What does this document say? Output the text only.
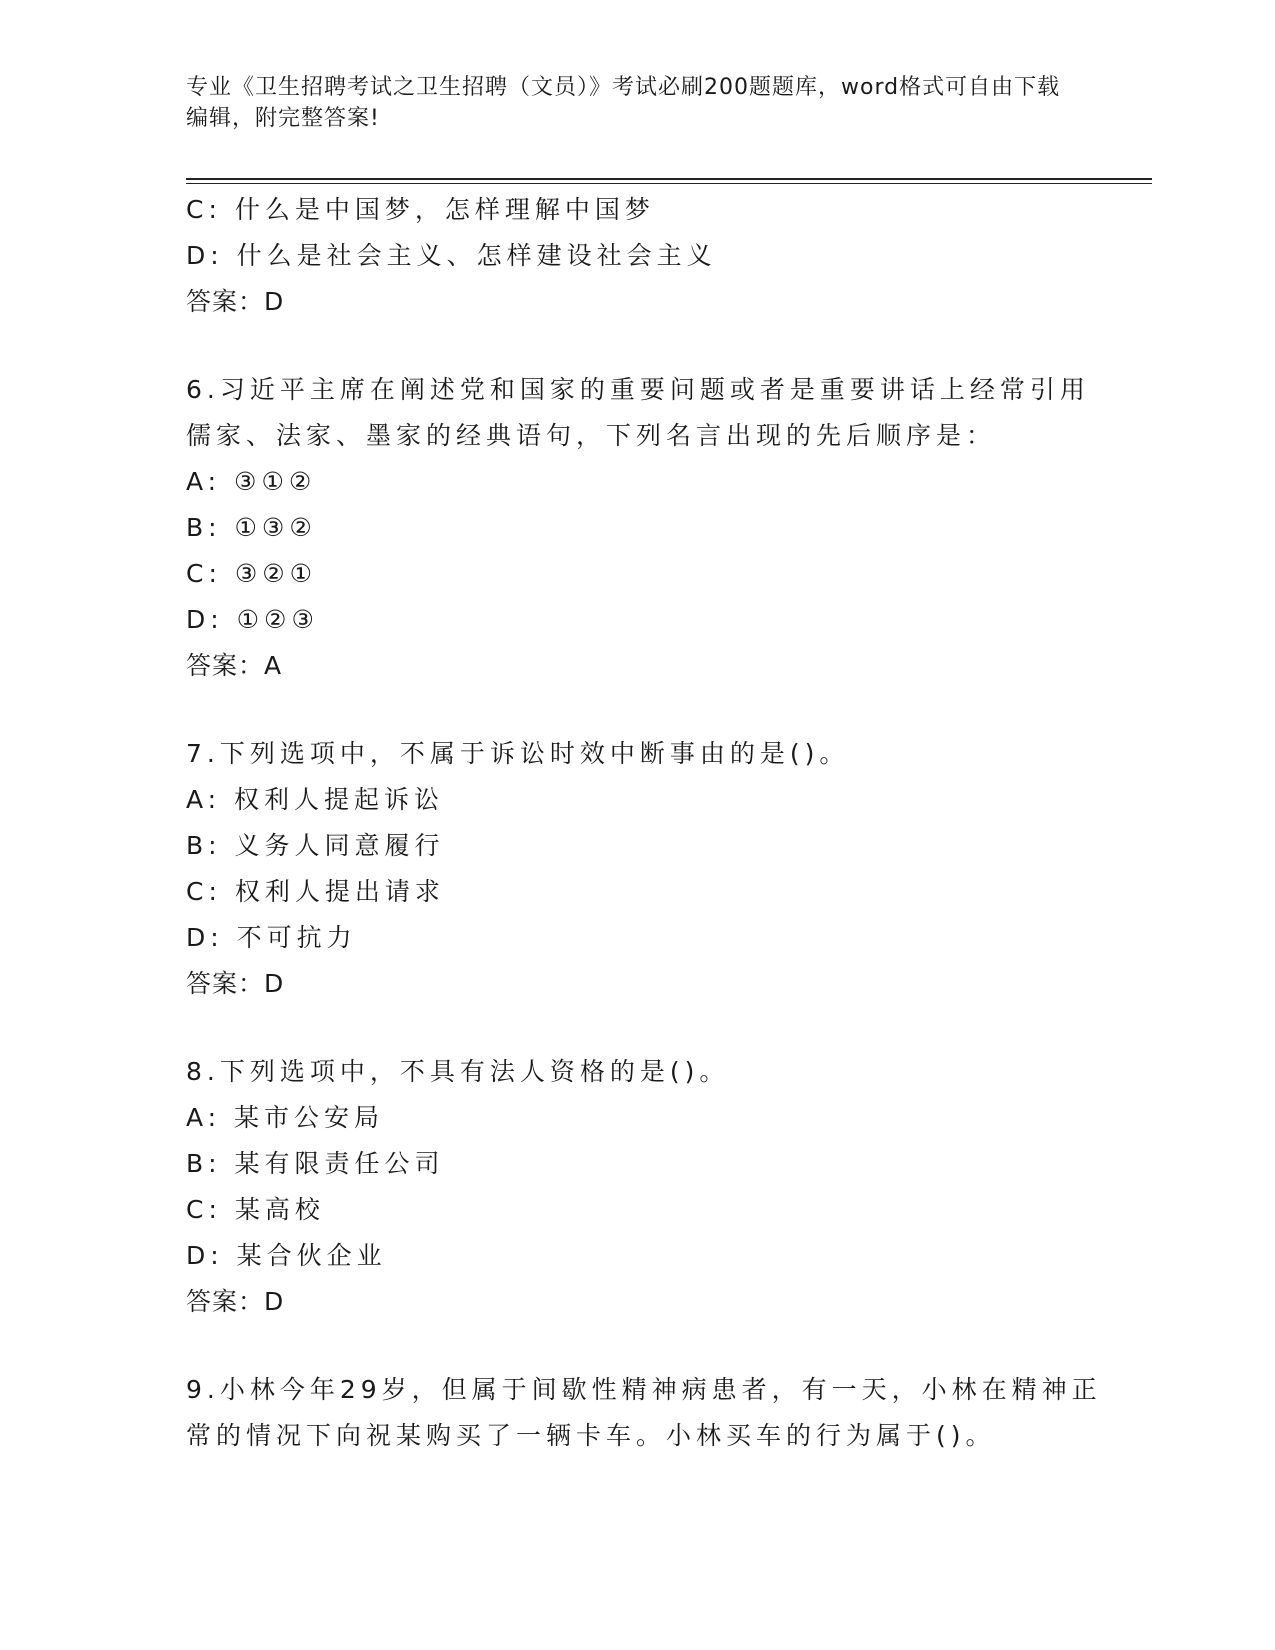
专业《卫生招聘考试之卫生招聘（文员）》考试必刷200题题库，word格式可自由下载编辑，附完整答案!
C: 什么是中国梦，怎样理解中国梦
D: 什么是社会主义、怎样建设社会主义
答案：D
6.习近平主席在阐述党和国家的重要问题或者是重要讲话上经常引用儒家、法家、墨家的经典语句，下列名言出现的先后顺序是：
A: ③①②
B: ①③②
C: ③②①
D: ①②③
答案：A
7.下列选项中，不属于诉讼时效中断事由的是()。
A: 权利人提起诉讼
B: 义务人同意履行
C: 权利人提出请求
D: 不可抗力
答案：D
8.下列选项中，不具有法人资格的是()。
A: 某市公安局
B: 某有限责任公司
C: 某高校
D: 某合伙企业
答案：D
9.小林今年29岁，但属于间歇性精神病患者，有一天，小林在精神正常的情况下向祝某购买了一辆卡车。小林买车的行为属于()。
